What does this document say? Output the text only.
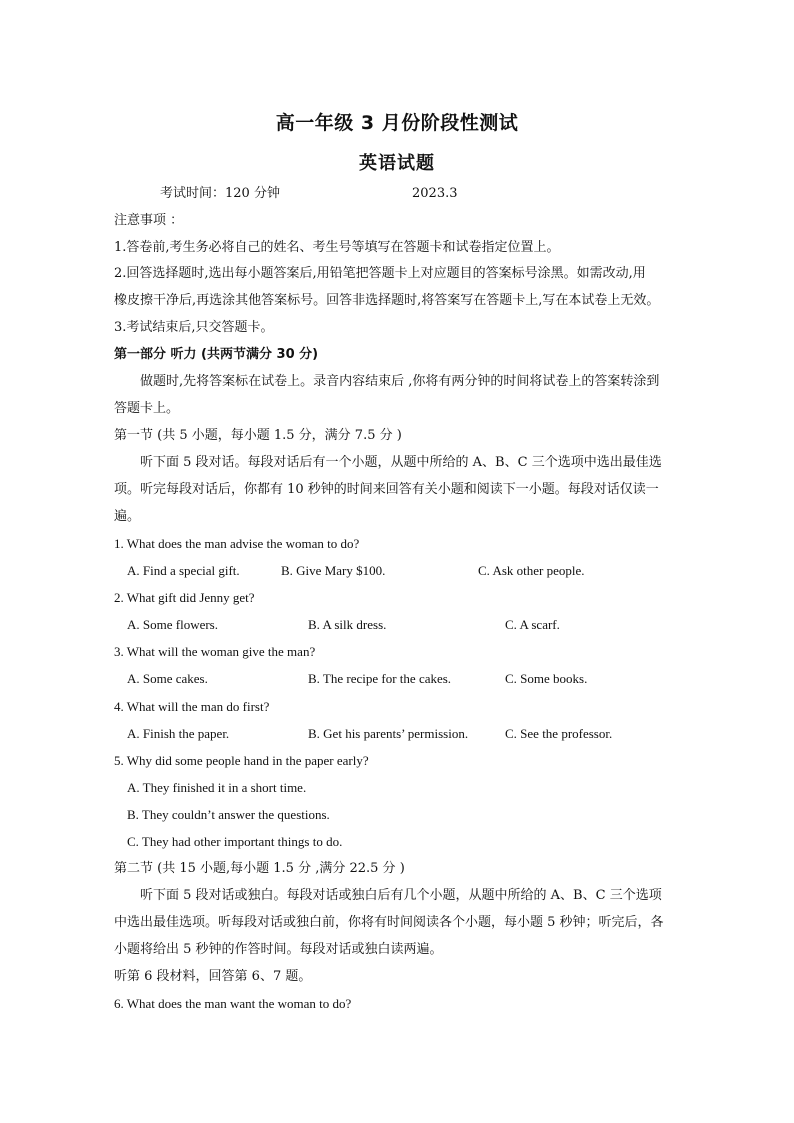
高一年级 3 月份阶段性测试
英语试题
考试时间：120 分钟	2023.3
注意事项 ：
1.答卷前,考生务必将自己的姓名、考生号等填写在答题卡和试卷指定位置上。
2.回答选择题时,选出每小题答案后,用铅笔把答题卡上对应题目的答案标号涂黑。如需改动,用
橡皮擦干净后,再选涂其他答案标号。回答非选择题时,将答案写在答题卡上,写在本试卷上无效。
3.考试结束后,只交答题卡。
第一部分 听力 (共两节满分 30 分)
做题时,先将答案标在试卷上。录音内容结束后 ,你将有两分钟的时间将试卷上的答案转涂到
答题卡上。
第一节 (共 5 小题，每小题 1.5 分，满分 7.5 分 )
听下面 5 段对话。每段对话后有一个小题，从题中所给的 A、B、C 三个选项中选出最佳选
项。听完每段对话后，你都有 10 秒钟的时间来回答有关小题和阅读下一小题。每段对话仅读一
遍。
1. What does the man advise the woman to do?
A. Find a special gift.	B. Give Mary $100.	C. Ask other people.
2. What gift did Jenny get?
A. Some flowers.	B. A silk dress.	C. A scarf.
3. What will the woman give the man?
A. Some cakes.	B. The recipe for the cakes.	C. Some books.
4. What will the man do first?
A. Finish the paper.	B. Get his parents’ permission.	C. See the professor.
5. Why did some people hand in the paper early?
A. They finished it in a short time.
B. They couldn’t answer the questions.
C. They had other important things to do.
第二节 (共 15 小题,每小题 1.5 分 ,满分 22.5 分 )
听下面 5 段对话或独白。每段对话或独白后有几个小题，从题中所给的 A、B、C 三个选项
中选出最佳选项。听每段对话或独白前，你将有时间阅读各个小题，每小题 5 秒钟；听完后，各
小题将给出 5 秒钟的作答时间。每段对话或独白读两遍。
听第 6 段材料，回答第 6、7 题。
6. What does the man want the woman to do?
